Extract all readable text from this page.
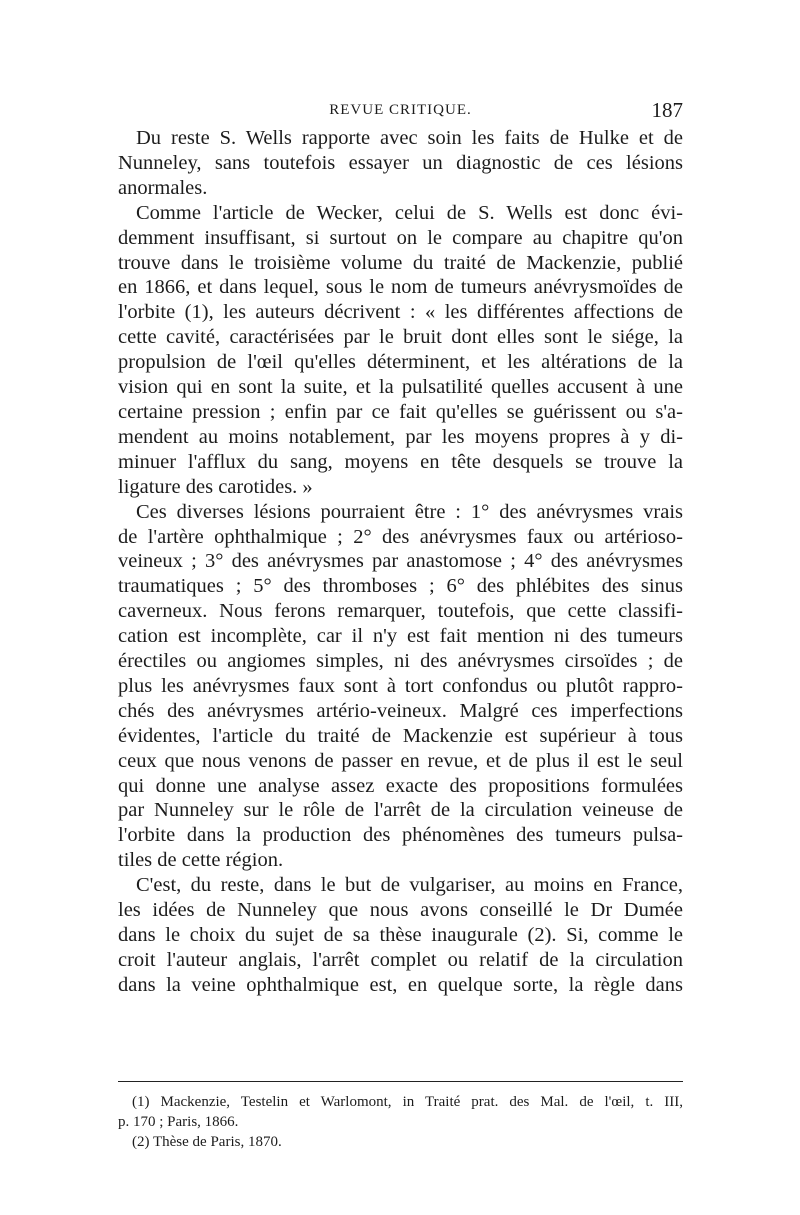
REVUE CRITIQUE.	187
Du reste S. Wells rapporte avec soin les faits de Hulke et de
Nunneley, sans toutefois essayer un diagnostic de ces lésions
anormales.
Comme l'article de Wecker, celui de S. Wells est donc évi-
demment insuffisant, si surtout on le compare au chapitre qu'on
trouve dans le troisième volume du traité de Mackenzie, publié
en 1866, et dans lequel, sous le nom de tumeurs anévrysmoïdes de
l'orbite (1), les auteurs décrivent : « les différentes affections de
cette cavité, caractérisées par le bruit dont elles sont le siége, la
propulsion de l'œil qu'elles déterminent, et les altérations de la
vision qui en sont la suite, et la pulsatilité quelles accusent à une
certaine pression ; enfin par ce fait qu'elles se guérissent ou s'a-
mendent au moins notablement, par les moyens propres à y di-
minuer l'afflux du sang, moyens en tête desquels se trouve la
ligature des carotides. »
Ces diverses lésions pourraient être : 1° des anévrysmes vrais
de l'artère ophthalmique ; 2° des anévrysmes faux ou artérioso-
veineux ; 3° des anévrysmes par anastomose ; 4° des anévrysmes
traumatiques ; 5° des thromboses ; 6° des phlébites des sinus
caverneux. Nous ferons remarquer, toutefois, que cette classifi-
cation est incomplète, car il n'y est fait mention ni des tumeurs
érectiles ou angiomes simples, ni des anévrysmes cirsoïdes ; de
plus les anévrysmes faux sont à tort confondus ou plutôt rappro-
chés des anévrysmes artério-veineux. Malgré ces imperfections
évidentes, l'article du traité de Mackenzie est supérieur à tous
ceux que nous venons de passer en revue, et de plus il est le seul
qui donne une analyse assez exacte des propositions formulées
par Nunneley sur le rôle de l'arrêt de la circulation veineuse de
l'orbite dans la production des phénomènes des tumeurs pulsa-
tiles de cette région.
C'est, du reste, dans le but de vulgariser, au moins en France,
les idées de Nunneley que nous avons conseillé le Dr Dumée
dans le choix du sujet de sa thèse inaugurale (2). Si, comme le
croit l'auteur anglais, l'arrêt complet ou relatif de la circulation
dans la veine ophthalmique est, en quelque sorte, la règle dans
(1) Mackenzie, Testelin et Warlomont, in Traité prat. des Mal. de l'œil, t. III,
p. 170 ; Paris, 1866.
(2) Thèse de Paris, 1870.
